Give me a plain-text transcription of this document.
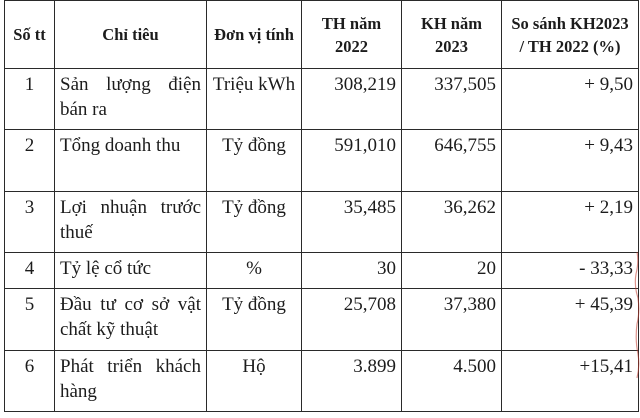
Số tt	Chỉ tiêu	Đơn vị tính	TH năm 2022	KH năm 2023	So sánh KH2023 / TH 2022 (%)
1	Sản lượng điện bán ra	Triệu kWh	308,219	337,505	+ 9,50
2	Tổng doanh thu	Tỷ đồng	591,010	646,755	+ 9,43
3	Lợi nhuận trước thuế	Tỷ đồng	35,485	36,262	+ 2,19
4	Tỷ lệ cổ tức	%	30	20	- 33,33
5	Đầu tư cơ sở vật chất kỹ thuật	Tỷ đồng	25,708	37,380	+ 45,39
6	Phát triển khách hàng	Hộ	3.899	4.500	+15,41
